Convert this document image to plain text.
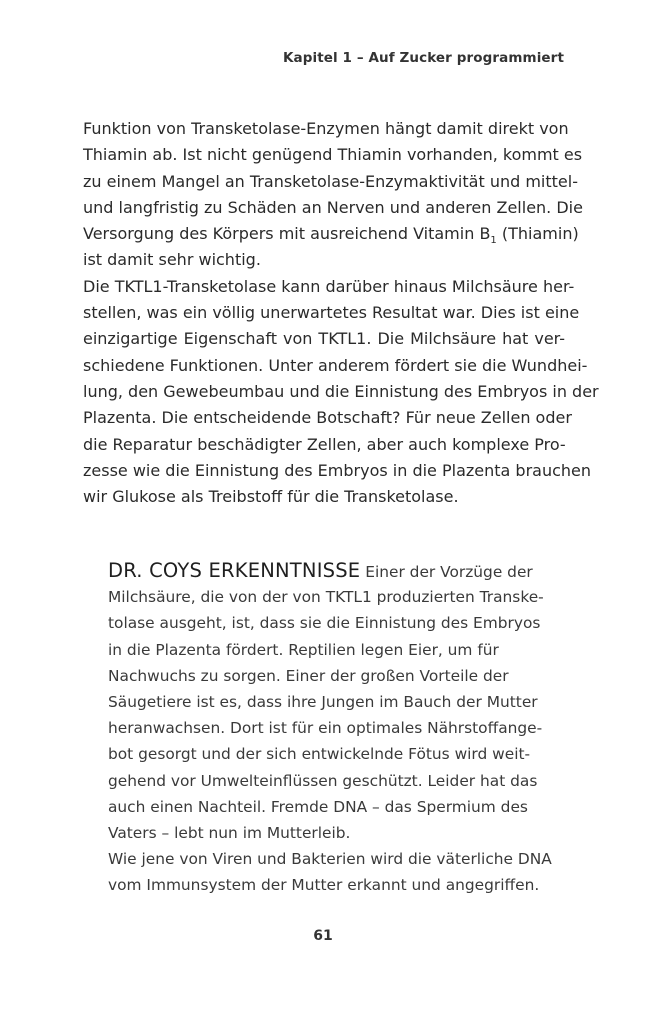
Kapitel 1 – Auf Zucker programmiert
Funktion von Transketolase-Enzymen hängt damit direkt von
Thiamin ab. Ist nicht genügend Thiamin vorhanden, kommt es
zu einem Mangel an Transketolase-Enzymaktivität und mittel-
und langfristig zu Schäden an Nerven und anderen Zellen. Die
Versorgung des Körpers mit ausreichend Vitamin $B_1$ (Thiamin)
ist damit sehr wichtig.
Die TKTL1-Transketolase kann darüber hinaus Milchsäure her-
stellen, was ein völlig unerwartetes Resultat war. Dies ist eine
einzigartige Eigenschaft von TKTL1. Die Milchsäure hat ver-
schiedene Funktionen. Unter anderem fördert sie die Wundhei-
lung, den Gewebeumbau und die Einnistung des Embryos in der
Plazenta. Die entscheidende Botschaft? Für neue Zellen oder
die Reparatur beschädigter Zellen, aber auch komplexe Pro-
zesse wie die Einnistung des Embryos in die Plazenta brauchen
wir Glukose als Treibstoff für die Transketolase.
DR. COYS ERKENNTNISSE Einer der Vorzüge der
Milchsäure, die von der von TKTL1 produzierten Transke-
tolase ausgeht, ist, dass sie die Einnistung des Embryos
in die Plazenta fördert. Reptilien legen Eier, um für
Nachwuchs zu sorgen. Einer der großen Vorteile der
Säugetiere ist es, dass ihre Jungen im Bauch der Mutter
heranwachsen. Dort ist für ein optimales Nährstoffange-
bot gesorgt und der sich entwickelnde Fötus wird weit-
gehend vor Umwelteinflüssen geschützt. Leider hat das
auch einen Nachteil. Fremde DNA – das Spermium des
Vaters – lebt nun im Mutterleib.
Wie jene von Viren und Bakterien wird die väterliche DNA
vom Immunsystem der Mutter erkannt und angegriffen.
61
